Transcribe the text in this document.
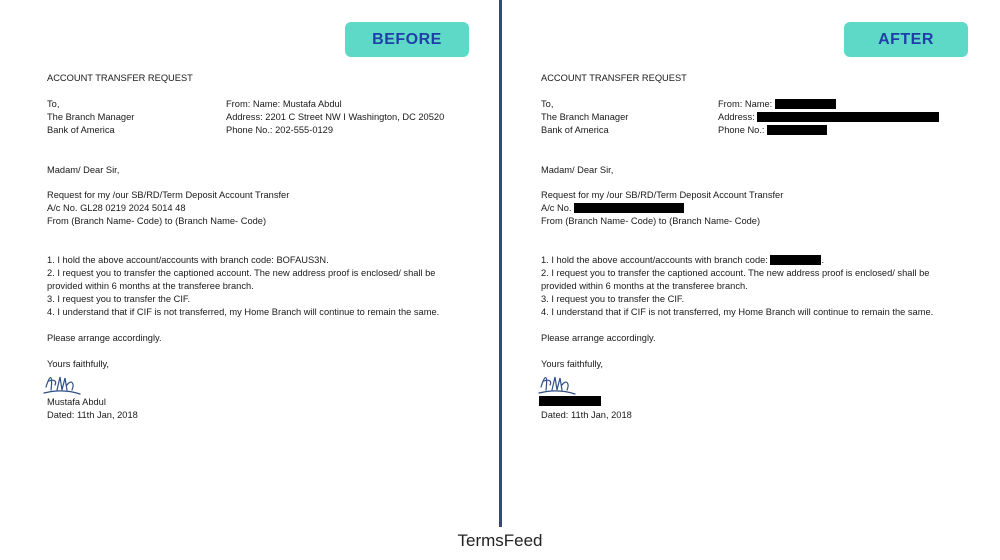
BEFORE
ACCOUNT TRANSFER REQUEST
To,
The Branch Manager
Bank of America
From: Name: Mustafa Abdul
Address: 2201 C Street NW I Washington, DC 20520
Phone No.: 202-555-0129
Madam/ Dear Sir,
Request for my /our SB/RD/Term Deposit Account Transfer
A/c No. GL28 0219 2024 5014 48
From (Branch Name- Code) to (Branch Name- Code)
1. I hold the above account/accounts with branch code: BOFAUS3N.
2. I request you to transfer the captioned account. The new address proof is enclosed/ shall be
provided within 6 months at the transferee branch.
3. I request you to transfer the CIF.
4. I understand that if CIF is not transferred, my Home Branch will continue to remain the same.
Please arrange accordingly.
Yours faithfully,
Mustafa Abdul
Dated: 11th Jan, 2018
AFTER
ACCOUNT TRANSFER REQUEST
To,
The Branch Manager
Bank of America
From: Name:
Address:
Phone No.:
Madam/ Dear Sir,
Request for my /our SB/RD/Term Deposit Account Transfer
A/c No.
From (Branch Name- Code) to (Branch Name- Code)
1. I hold the above account/accounts with branch code:	.
2. I request you to transfer the captioned account. The new address proof is enclosed/ shall be
provided within 6 months at the transferee branch.
3. I request you to transfer the CIF.
4. I understand that if CIF is not transferred, my Home Branch will continue to remain the same.
Please arrange accordingly.
Yours faithfully,
Dated: 11th Jan, 2018
TermsFeed
